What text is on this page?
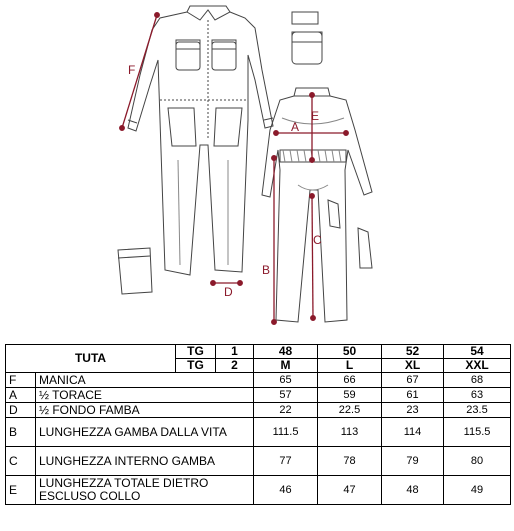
F
A
E
B
C
D
TUTA		TG	1	48	50	52	54
		TG	2	M	L	XL	XXL
F	MANICA			65	66	67	68
A	½ TORACE			57	59	61	63
D	½ FONDO FAMBA			22	22.5	23	23.5
B	LUNGHEZZA GAMBA DALLA VITA			111.5	113	114	115.5
C	LUNGHEZZA INTERNO GAMBA			77	78	79	80
E	LUNGHEZZA TOTALE DIETRO ESCLUSO COLLO			46	47	48	49
